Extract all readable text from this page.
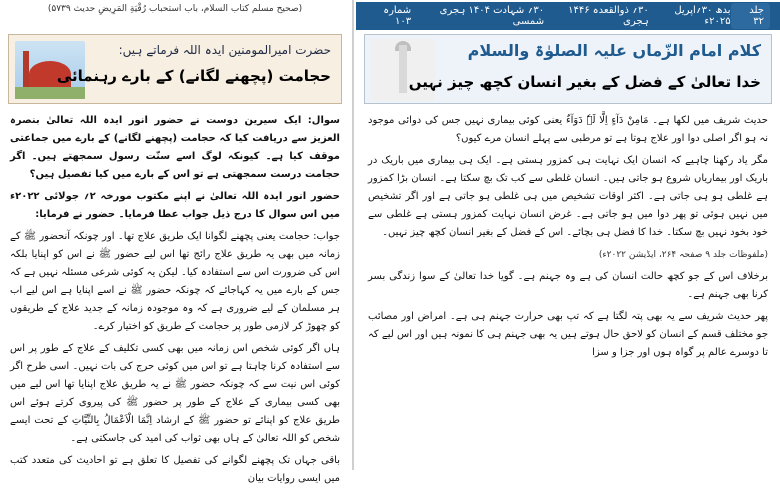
(صحیح مسلم کتاب السلام، باب استحباب رُقْیَةِ المَرِیضِ حدیث ۵۷۳۹)
حضرت امیرالمومنین ایدہ اللہ فرماتے ہیں:
حجامت (پچھنے لگانے) کے بارے رہنمائی

سوال: ایک سیرین دوست نے حضور انور ایدہ اللہ تعالیٰ بنصرہ العزیز سے دریافت کیا کہ حجامت (پچھنے لگانے) کے بارے میں جماعتی موقف کیا ہے۔ کیونکہ لوگ اسے سنّت رسول سمجھتے ہیں۔ اگر حجامت درست سمجھتی ہے تو اس کے بارے میں کیا تفصیل ہیں؟

حضور انور ایدہ اللہ تعالیٰ نے اپنے مکتوب مورخہ ۲؍ جولائی ۲۰۲۲ء میں اس سوال کا درج ذیل جواب عطا فرمایا۔ حضور نے فرمایا:

جواب: حجامت یعنی پچھنے لگوانا ایک طریق علاج تھا۔ اور چونکہ آنحضور ﷺ کے زمانہ میں بھی یہ طریق علاج رائج تھا اس لیے حضور ﷺ نے اس کو اپنایا بلکہ اس کی ضرورت اس سے استفادہ کیا۔ لیکن یہ کوئی شرعی مسئلہ نہیں ہے کہ جس کے بارے میں یہ کہاجائے کہ چونکہ حضور ﷺ نے اسے اپنایا ہے اس لیے اب ہر مسلمان کے لیے ضروری ہے کہ وہ موجودہ زمانہ کے جدید علاج کے طریقوں کو چھوڑ کر لازمی طور پر حجامت کے طریق کو اختیار کرے۔

ہاں اگر کوئی شخص اس زمانہ میں بھی کسی تکلیف کے علاج کے طور پر اس سے استفادہ کرنا چاہتا ہے تو اس میں کوئی حرج کی بات نہیں۔ اسی طرح اگر کوئی اس نیت سے کہ چونکہ حضور ﷺ نے یہ طریق علاج اپنایا تھا اس لیے میں بھی کسی بیماری کے علاج کے طور پر حضور ﷺ کی پیروی کرتے ہوئے اس طریق علاج کو اپنائے تو حضور ﷺ کے ارشاد اِنَّمَا الْاَعْمَالُ بِالنِّیَّاتِ کے تحت ایسے شخص کو اللہ تعالیٰ کے ہاں بھی ثواب کی امید کی جاسکتی ہے۔

باقی جہاں تک پچھنے لگوانے کی تفصیل کا تعلق ہے تو احادیث کی متعدد کتب میں ایسی روایات بیان

جلد ۳۲
بدھ ۳۰؍اپریل ۲۰۲۵ء
۳۰؍ ذوالقعدہ ۱۴۴۶ ہجری
۳۰؍ شہادت ۱۴۰۴ ہجری شمسی
شمارہ ۱۰۳
کلام امام الزّماں علیہ الصلوٰۃ والسلام
خدا تعالیٰ کے فضل کے بغیر انسان کچھ چیز نہیں

حدیث شریف میں لکھا ہے۔ مَامِنْ دَآءٍ اِلَّا لَہٗ دَوَآءٌ یعنی کوئی بیماری نہیں جس کی دوائی موجود نہ ہو اگر اصلی دوا اور علاج ہوتا ہے تو مرطبی سے پہلے انسان مرے کیوں؟

مگر یاد رکھنا چاہیے کہ انسان ایک نہایت ہی کمزور ہستی ہے۔ ایک ہی بیماری میں باریک در باریک اور بیماریاں شروع ہو جاتی ہیں۔ انسان غلطی سے کب تک بچ سکتا ہے۔ انسان بڑا کمزور ہے غلطی ہو ہی جاتی ہے۔ اکثر اوقات تشخیص میں ہی غلطی ہو جاتی ہے اور اگر تشخیص میں نہیں ہوئی تو پھر دوا میں ہو جاتی ہے۔ غرض انسان نہایت کمزور ہستی ہے غلطی سے خود بخود نہیں بچ سکتا۔ خدا کا فضل ہی بچائے۔ اس کے فضل کے بغیر انسان کچھ چیز نہیں۔

(ملفوظات جلد ۹ صفحہ ۲۶۴، ایڈیشن ۲۰۲۲ء)

برخلاف اس کے جو کچھ حالت انسان کی ہے وہ جہنم ہے۔ گویا خدا تعالیٰ کے سوا زندگی بسر کرنا بھی جہنم ہے۔

پھر حدیث شریف سے یہ بھی پتہ لگتا ہے کہ تپ بھی حرارت جہنم ہی ہے۔ امراض اور مصائب جو مختلف قسم کے انسان کو لاحق حال ہوتے ہیں یہ بھی جہنم ہی کا نمونہ ہیں اور اس لیے کہ تا دوسرے عالم پر گواہ ہوں اور جزا و سزا
